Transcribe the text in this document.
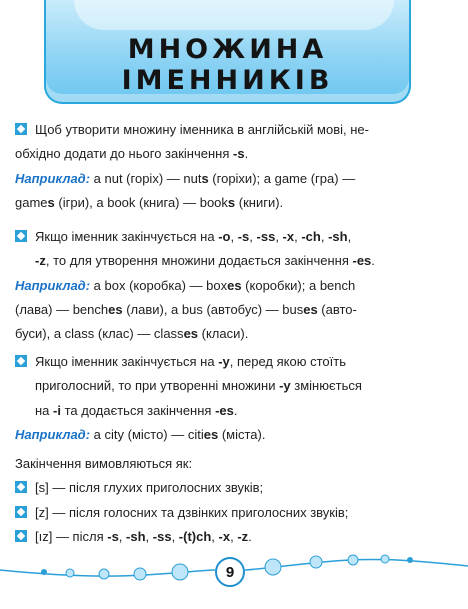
МНОЖИНА ІМЕННИКІВ
Щоб утворити множину іменника в англійській мові, не-
обхідно додати до нього закінчення -s.
Наприклад: a nut (горіх) — nuts (горіхи); a game (гра) —
games (ігри), a book (книга) — books (книги).
Якщо іменник закінчується на -o, -s, -ss, -x, -ch, -sh,
-z, то для утворення множини додається закінчення -es.
Наприклад: a box (коробка) — boxes (коробки); a bench
(лава) — benches (лави), a bus (автобус) — buses (авто-
буси), a class (клас) — classes (класи).
Якщо іменник закінчується на -y, перед якою стоїть
приголосний, то при утворенні множини -y змінюється
на -i та додається закінчення -es.
Наприклад: a city (місто) — cities (міста).
Закінчення вимовляються як:
[s] — після глухих приголосних звуків;
[z] — після голосних та дзвінких приголосних звуків;
[ız] — після -s, -sh, -ss, -(t)ch, -x, -z.
9
